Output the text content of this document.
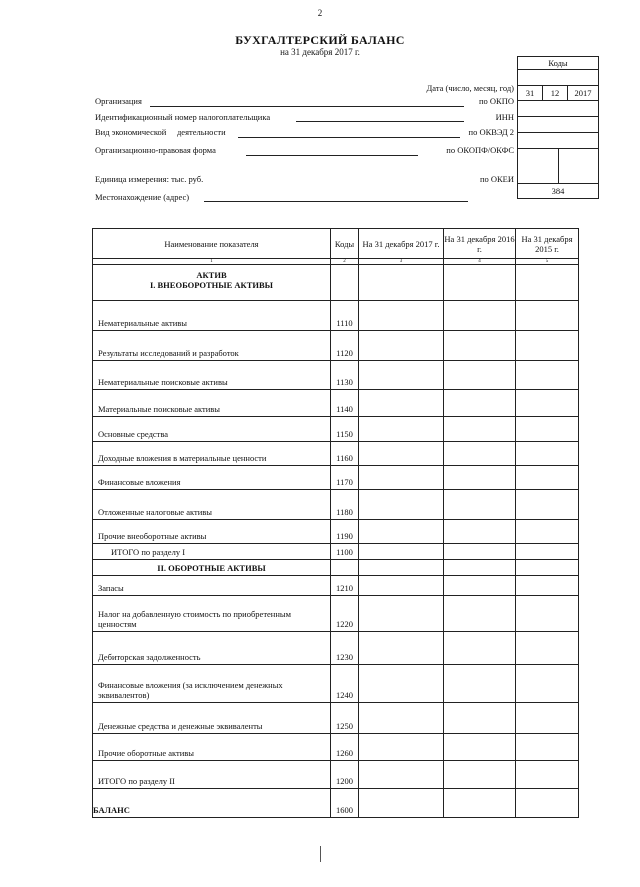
2
БУХГАЛТЕРСКИЙ БАЛАНС
на 31 декабря 2017 г.
Коды
31	12	2017
384
Дата (число, месяц, год)
Организация	по ОКПО
Идентификационный номер налогоплательщика	ИНН
Вид экономической     деятельности	по ОКВЭД 2
Организационно-правовая форма	по ОКОПФ/ОКФС
Единица измерения: тыс. руб.	по ОКЕИ
Местонахождение (адрес)
Наименование показателя	Коды	На 31 декабря 2017 г.	На 31 декабря 2016 г.	На 31 декабря 2015 г.
1	2	3	4	5

АКТИВ
I. ВНЕОБОРОТНЫЕ АКТИВЫ				

Нематериальные активы	1110			
Результаты исследований и разработок	1120			
Нематериальные поисковые активы	1130			
Материальные поисковые активы	1140			
Основные средства	1150			
Доходные вложения в материальные ценности	1160			
Финансовые вложения	1170			
Отложенные налоговые активы	1180			
Прочие внеоборотные активы	1190			
ИТОГО по разделу I	1100			
II. ОБОРОТНЫЕ АКТИВЫ				
Запасы	1210			
Налог на добавленную стоимость по приобретенным ценностям	1220			
Дебиторская задолженность	1230			
Финансовые вложения (за исключением денежных эквивалентов)	1240			
Денежные средства и денежные эквиваленты	1250			
Прочие оборотные активы	1260			
ИТОГО по разделу II	1200			
БАЛАНС	1600			
